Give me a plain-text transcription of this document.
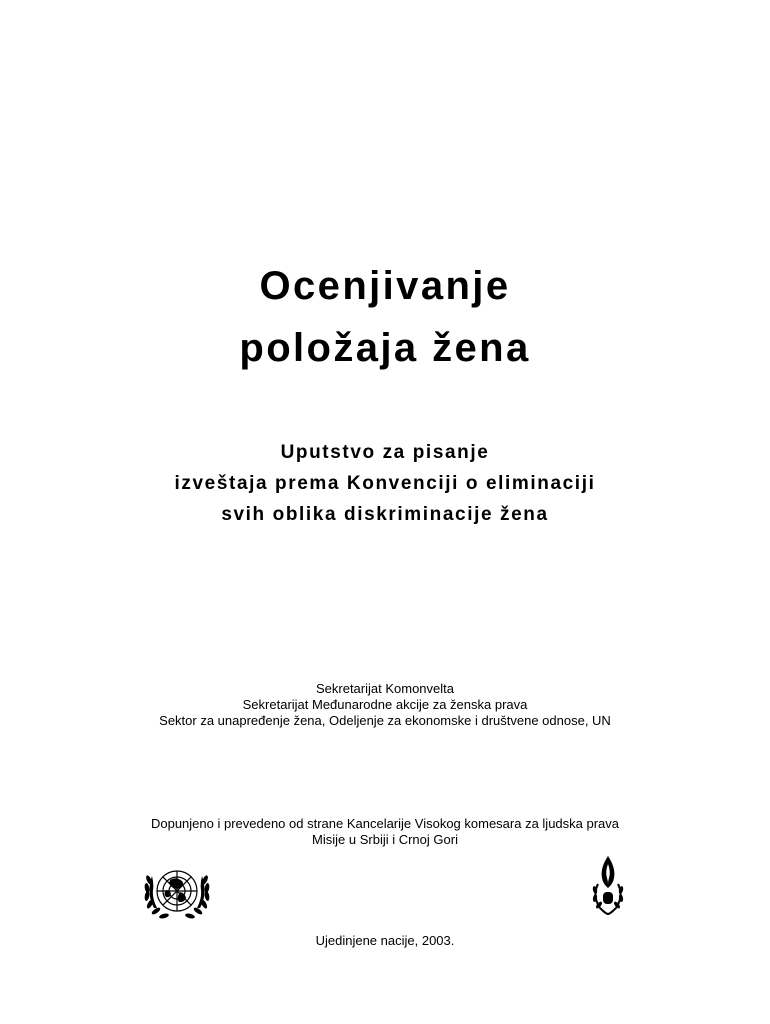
Ocenjivanje
položaja žena
Uputstvo za pisanje
izveštaja prema Konvenciji o eliminaciji
svih oblika diskriminacije žena
Sekretarijat Komonvelta
Sekretarijat Međunarodne akcije za ženska prava
Sektor za unapređenje žena, Odeljenje za ekonomske i društvene odnose, UN
Dopunjeno i prevedeno od strane Kancelarije Visokog komesara za ljudska prava
Misije u Srbiji i Crnoj Gori
Ujedinjene nacije, 2003.
